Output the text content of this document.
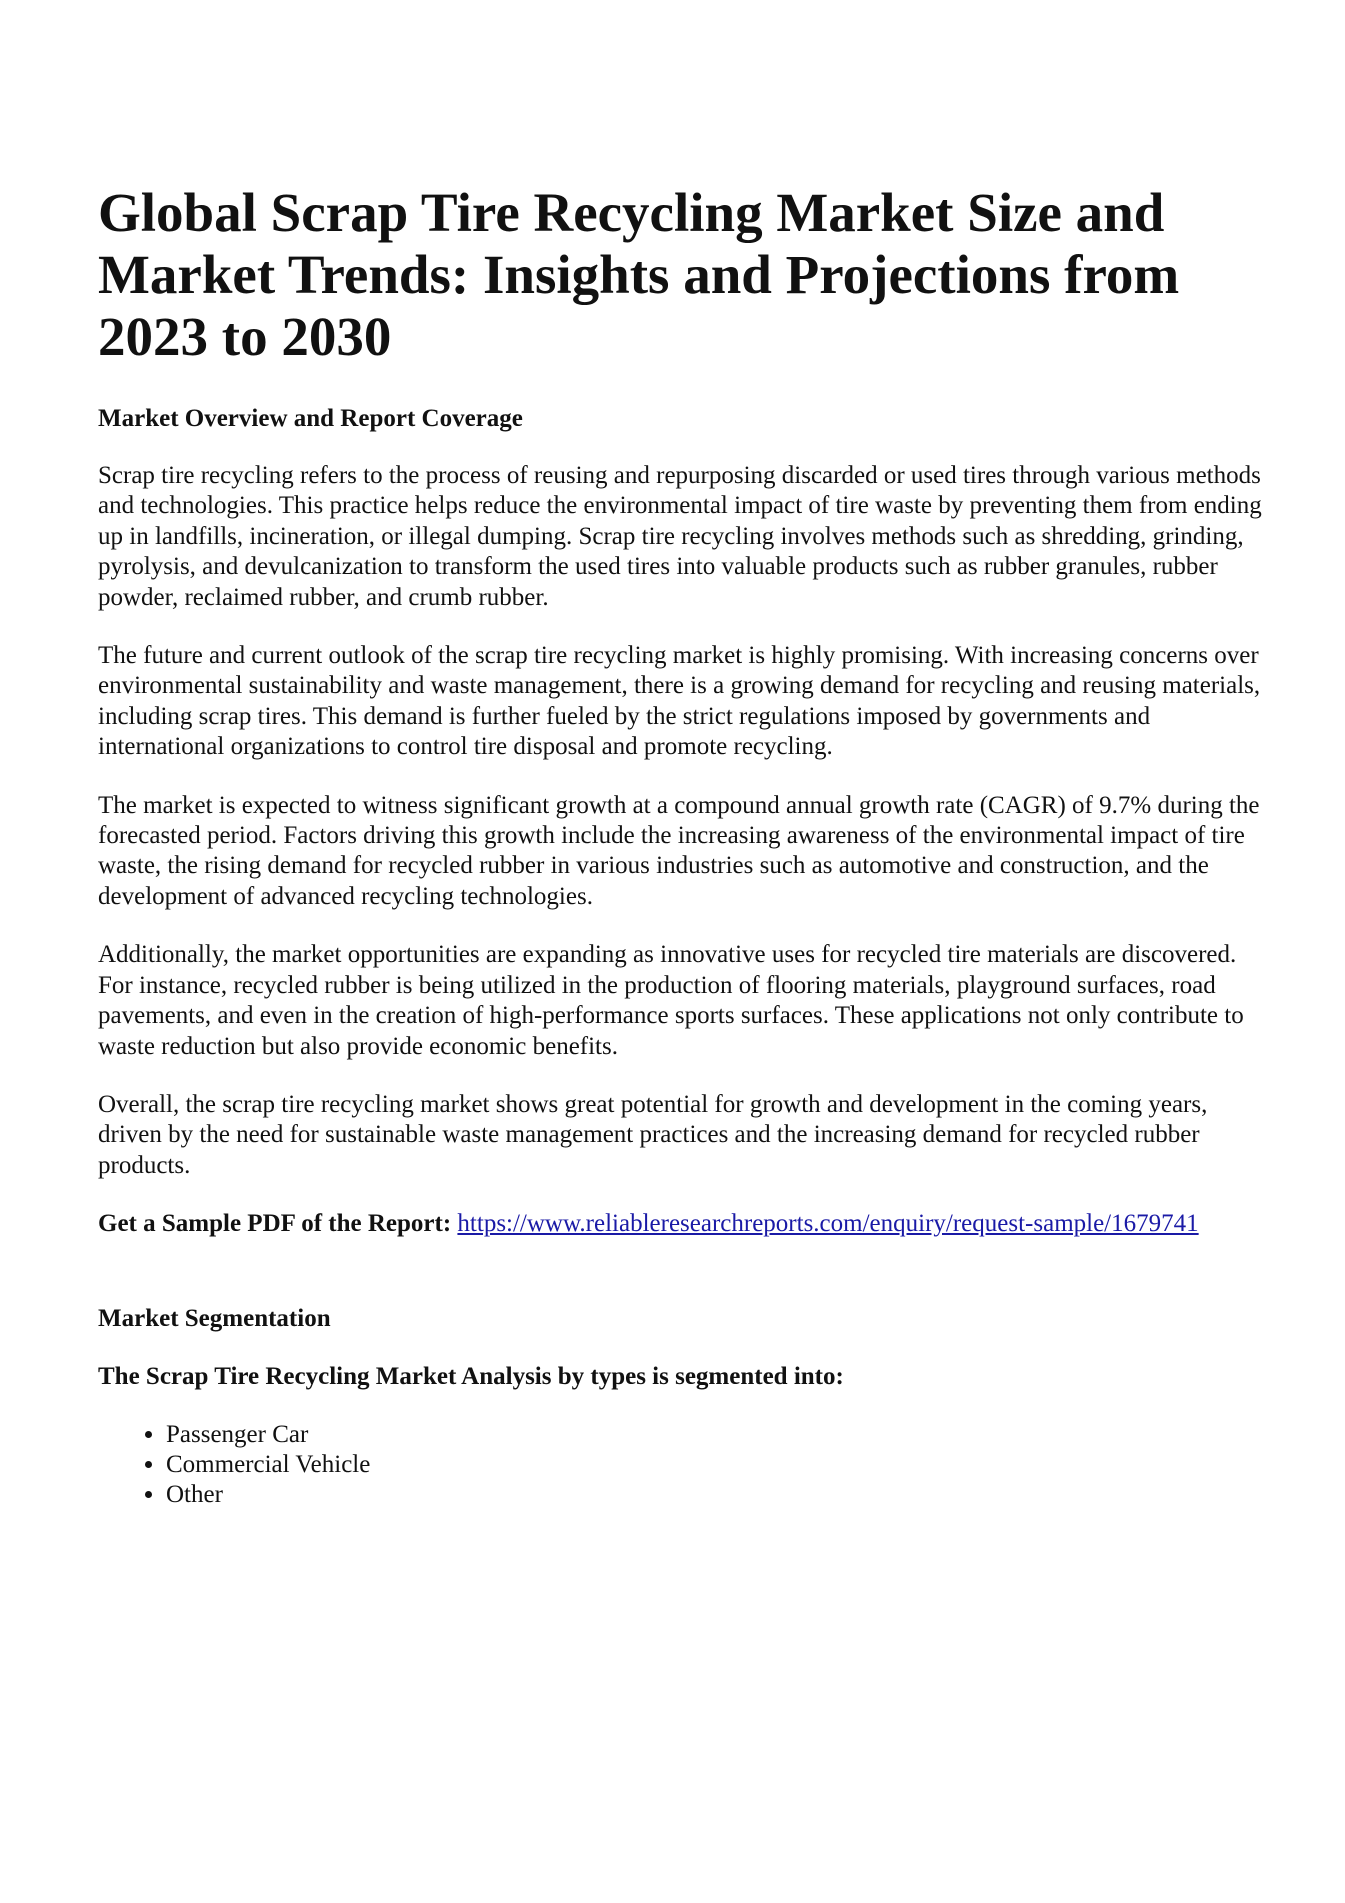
Global Scrap Tire Recycling Market Size and
Market Trends: Insights and Projections from
2023 to 2030
Market Overview and Report Coverage

Scrap tire recycling refers to the process of reusing and repurposing discarded or used tires through various methods and technologies. This practice helps reduce the environmental impact of tire waste by preventing them from ending up in landfills, incineration, or illegal dumping. Scrap tire recycling involves methods such as shredding, grinding, pyrolysis, and devulcanization to transform the used tires into valuable products such as rubber granules, rubber powder, reclaimed rubber, and crumb rubber.

The future and current outlook of the scrap tire recycling market is highly promising. With increasing concerns over environmental sustainability and waste management, there is a growing demand for recycling and reusing materials, including scrap tires. This demand is further fueled by the strict regulations imposed by governments and international organizations to control tire disposal and promote recycling.

The market is expected to witness significant growth at a compound annual growth rate (CAGR) of 9.7% during the forecasted period. Factors driving this growth include the increasing awareness of the environmental impact of tire waste, the rising demand for recycled rubber in various industries such as automotive and construction, and the development of advanced recycling technologies.

Additionally, the market opportunities are expanding as innovative uses for recycled tire materials are discovered. For instance, recycled rubber is being utilized in the production of flooring materials, playground surfaces, road pavements, and even in the creation of high-performance sports surfaces. These applications not only contribute to waste reduction but also provide economic benefits.

Overall, the scrap tire recycling market shows great potential for growth and development in the coming years, driven by the need for sustainable waste management practices and the increasing demand for recycled rubber products.

Get a Sample PDF of the Report: https://www.reliableresearchreports.com/enquiry/request-sample/1679741

Market Segmentation
The Scrap Tire Recycling Market Analysis by types is segmented into:
• Passenger Car
• Commercial Vehicle
• Other
